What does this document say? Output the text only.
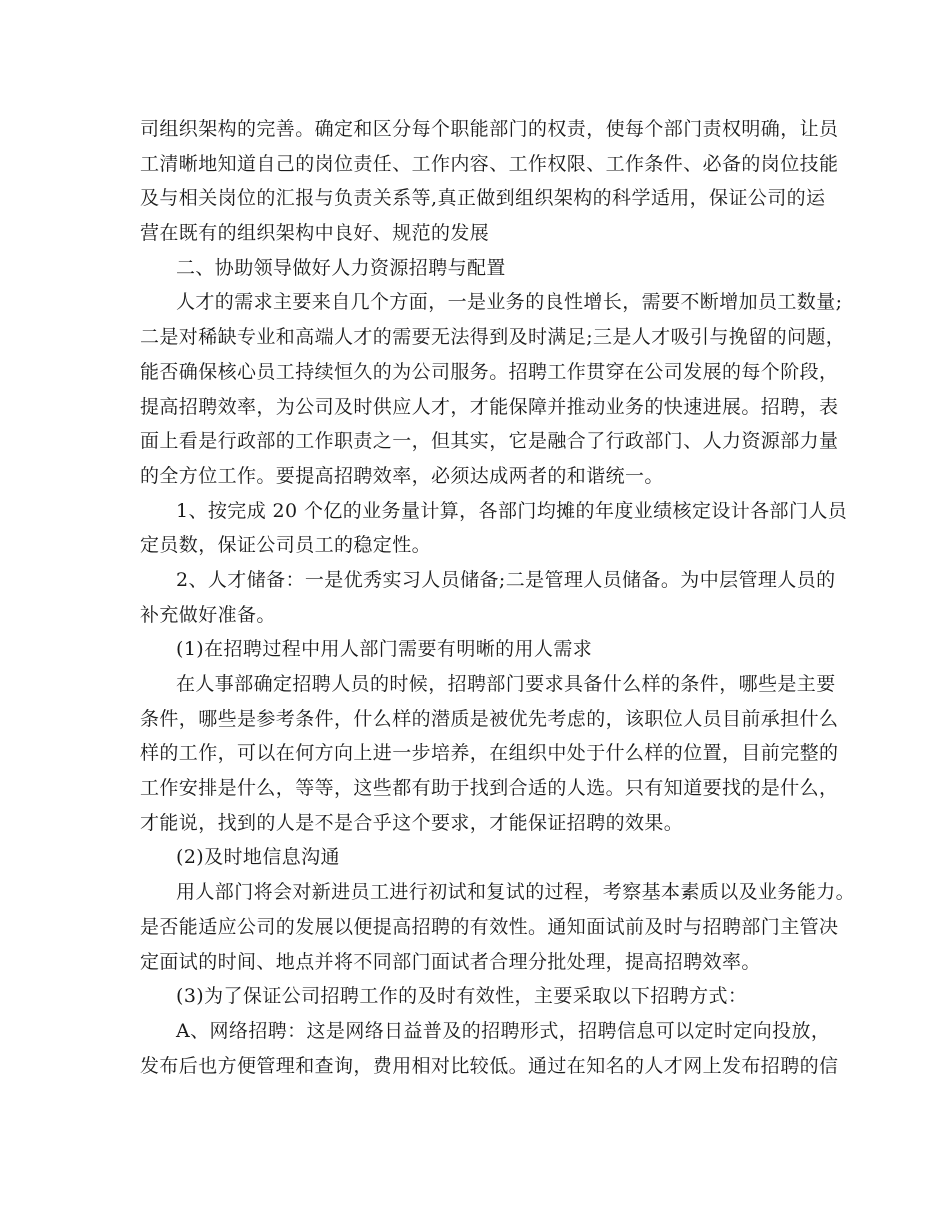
司组织架构的完善。确定和区分每个职能部门的权责，使每个部门责权明确，让员
工清晰地知道自己的岗位责任、工作内容、工作权限、工作条件、必备的岗位技能
及与相关岗位的汇报与负责关系等,真正做到组织架构的科学适用，保证公司的运
营在既有的组织架构中良好、规范的发展
二、协助领导做好人力资源招聘与配置
人才的需求主要来自几个方面，一是业务的良性增长，需要不断增加员工数量;
二是对稀缺专业和高端人才的需要无法得到及时满足;三是人才吸引与挽留的问题，
能否确保核心员工持续恒久的为公司服务。招聘工作贯穿在公司发展的每个阶段，
提高招聘效率，为公司及时供应人才，才能保障并推动业务的快速进展。招聘，表
面上看是行政部的工作职责之一，但其实，它是融合了行政部门、人力资源部力量
的全方位工作。要提高招聘效率，必须达成两者的和谐统一。
1、按完成 20 个亿的业务量计算，各部门均摊的年度业绩核定设计各部门人员
定员数，保证公司员工的稳定性。
2、人才储备：一是优秀实习人员储备;二是管理人员储备。为中层管理人员的
补充做好准备。
(1)在招聘过程中用人部门需要有明晰的用人需求
在人事部确定招聘人员的时候，招聘部门要求具备什么样的条件，哪些是主要
条件，哪些是参考条件，什么样的潜质是被优先考虑的，该职位人员目前承担什么
样的工作，可以在何方向上进一步培养，在组织中处于什么样的位置，目前完整的
工作安排是什么，等等，这些都有助于找到合适的人选。只有知道要找的是什么，
才能说，找到的人是不是合乎这个要求，才能保证招聘的效果。
(2)及时地信息沟通
用人部门将会对新进员工进行初试和复试的过程，考察基本素质以及业务能力。
是否能适应公司的发展以便提高招聘的有效性。通知面试前及时与招聘部门主管决
定面试的时间、地点并将不同部门面试者合理分批处理，提高招聘效率。
(3)为了保证公司招聘工作的及时有效性，主要采取以下招聘方式：
A、网络招聘：这是网络日益普及的招聘形式，招聘信息可以定时定向投放，
发布后也方便管理和查询，费用相对比较低。通过在知名的人才网上发布招聘的信
